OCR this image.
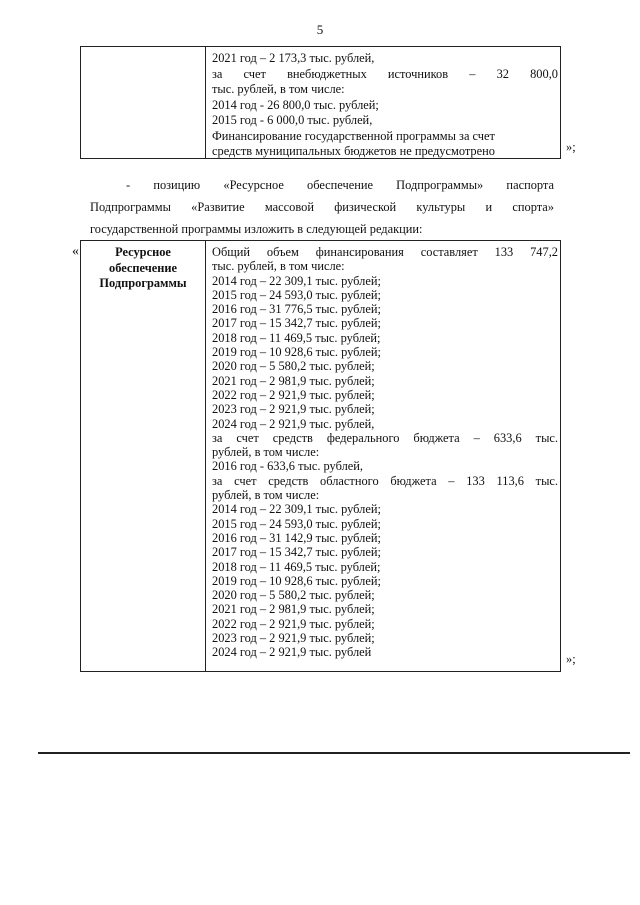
5
2021 год – 2 173,3 тыс. рублей,
за счет внебюджетных источников – 32 800,0
тыс. рублей, в том числе:
2014 год - 26 800,0 тыс. рублей;
2015 год - 6 000,0 тыс. рублей,
Финансирование государственной программы за счет
средств муниципальных бюджетов не предусмотрено	»;
- позицию «Ресурсное обеспечение Подпрограммы» паспорта
Подпрограммы «Развитие массовой физической культуры и спорта»
государственной программы изложить в следующей редакции:
«	Ресурсное
обеспечение
Подпрограммы
Общий объем финансирования составляет 133 747,2
тыс. рублей, в том числе:
2014 год – 22 309,1 тыс. рублей;
2015 год – 24 593,0 тыс. рублей;
2016 год – 31 776,5 тыс. рублей;
2017 год – 15 342,7 тыс. рублей;
2018 год – 11 469,5 тыс. рублей;
2019 год – 10 928,6 тыс. рублей;
2020 год – 5 580,2 тыс. рублей;
2021 год – 2 981,9 тыс. рублей;
2022 год – 2 921,9 тыс. рублей;
2023 год – 2 921,9 тыс. рублей;
2024 год – 2 921,9 тыс. рублей,
за счет средств федерального бюджета – 633,6 тыс.
рублей, в том числе:
2016 год - 633,6 тыс. рублей,
за счет средств областного бюджета – 133 113,6 тыс.
рублей, в том числе:
2014 год – 22 309,1 тыс. рублей;
2015 год – 24 593,0 тыс. рублей;
2016 год – 31 142,9 тыс. рублей;
2017 год – 15 342,7 тыс. рублей;
2018 год – 11 469,5 тыс. рублей;
2019 год – 10 928,6 тыс. рублей;
2020 год – 5 580,2 тыс. рублей;
2021 год – 2 981,9 тыс. рублей;
2022 год – 2 921,9 тыс. рублей;
2023 год – 2 921,9 тыс. рублей;
2024 год – 2 921,9 тыс. рублей	»;
